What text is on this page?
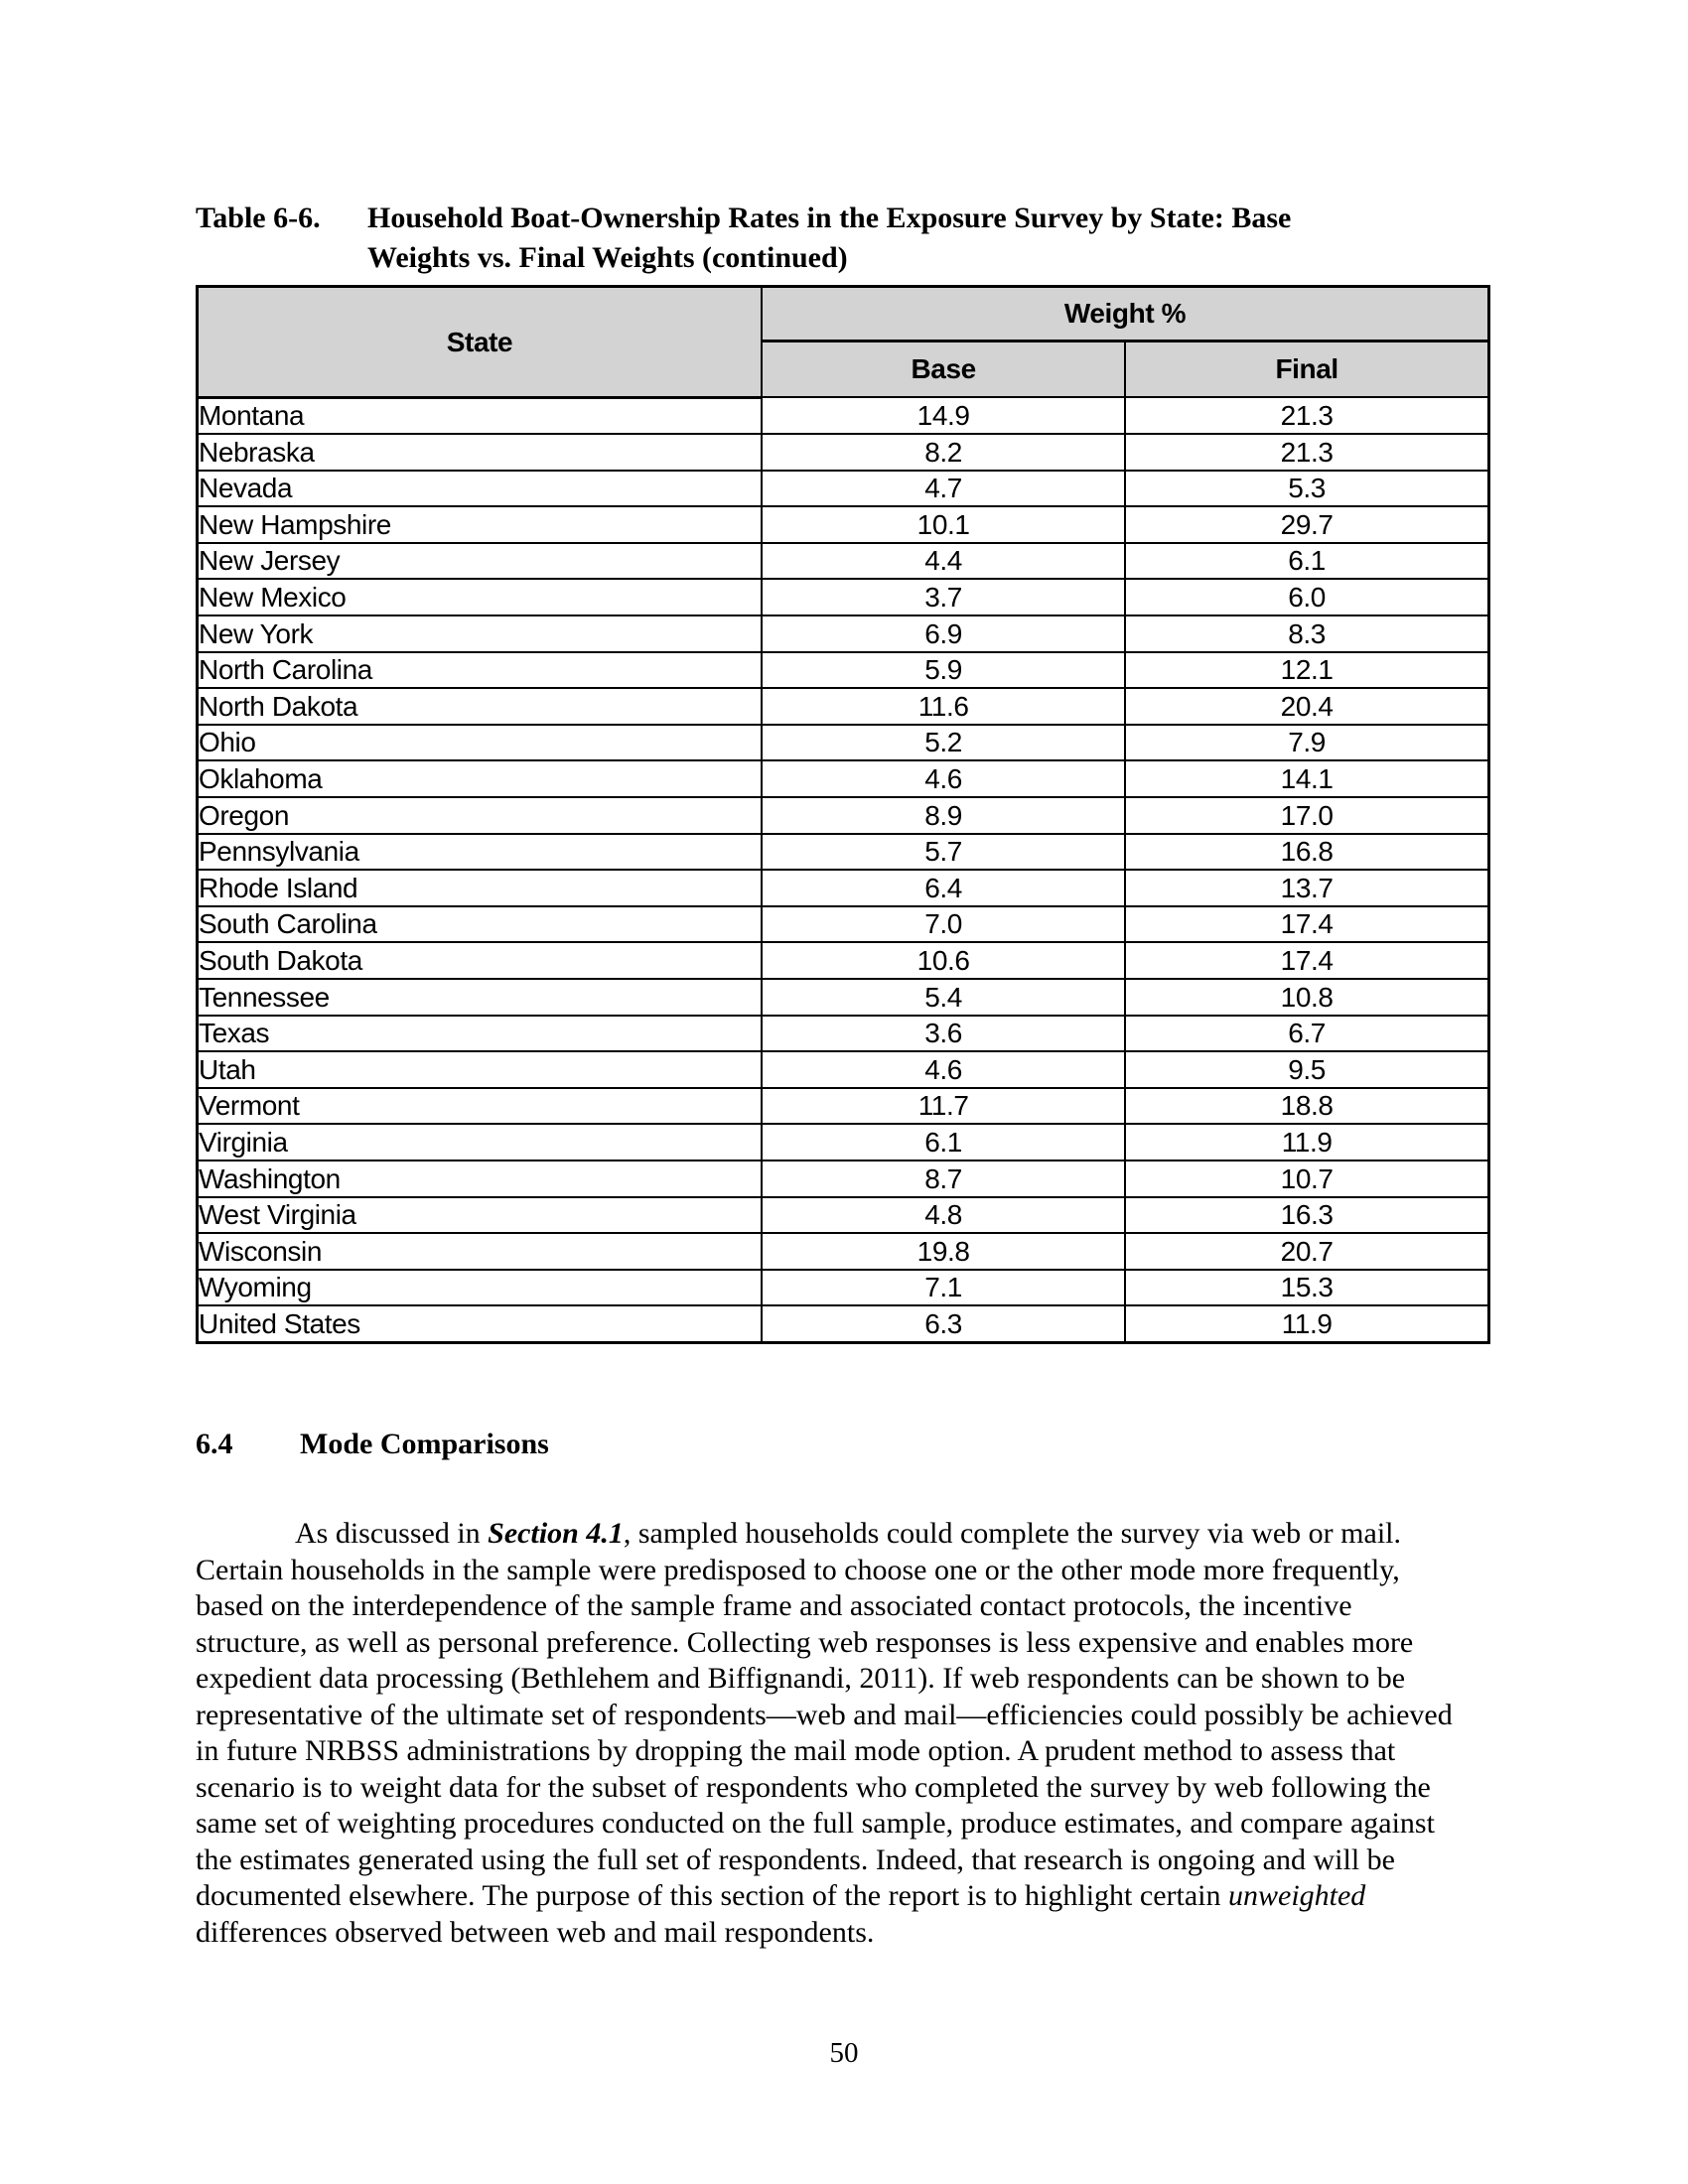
Table 6-6.	Household Boat-Ownership Rates in the Exposure Survey by State: Base
Weights vs. Final Weights (continued)
State	Weight %	
	Base	Final
Montana	14.9	21.3
Nebraska	8.2	21.3
Nevada	4.7	5.3
New Hampshire	10.1	29.7
New Jersey	4.4	6.1
New Mexico	3.7	6.0
New York	6.9	8.3
North Carolina	5.9	12.1
North Dakota	11.6	20.4
Ohio	5.2	7.9
Oklahoma	4.6	14.1
Oregon	8.9	17.0
Pennsylvania	5.7	16.8
Rhode Island	6.4	13.7
South Carolina	7.0	17.4
South Dakota	10.6	17.4
Tennessee	5.4	10.8
Texas	3.6	6.7
Utah	4.6	9.5
Vermont	11.7	18.8
Virginia	6.1	11.9
Washington	8.7	10.7
West Virginia	4.8	16.3
Wisconsin	19.8	20.7
Wyoming	7.1	15.3
United States	6.3	11.9
6.4	Mode Comparisons

As discussed in Section 4.1, sampled households could complete the survey via web or mail. Certain households in the sample were predisposed to choose one or the other mode more frequently, based on the interdependence of the sample frame and associated contact protocols, the incentive structure, as well as personal preference. Collecting web responses is less expensive and enables more expedient data processing (Bethlehem and Biffignandi, 2011). If web respondents can be shown to be representative of the ultimate set of respondents—web and mail—efficiencies could possibly be achieved in future NRBSS administrations by dropping the mail mode option. A prudent method to assess that scenario is to weight data for the subset of respondents who completed the survey by web following the same set of weighting procedures conducted on the full sample, produce estimates, and compare against the estimates generated using the full set of respondents. Indeed, that research is ongoing and will be documented elsewhere. The purpose of this section of the report is to highlight certain unweighted differences observed between web and mail respondents.

50
